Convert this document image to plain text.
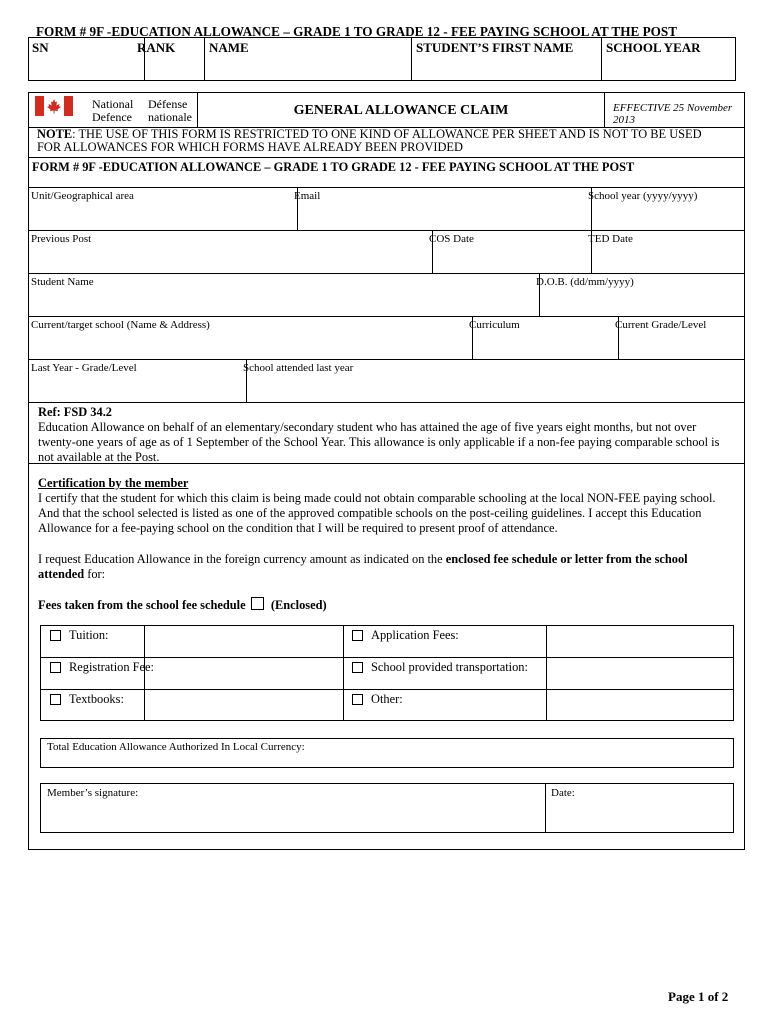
FORM # 9F -EDUCATION ALLOWANCE – GRADE 1 TO GRADE 12 - FEE PAYING SCHOOL AT THE POST
SN	RANK	NAME	STUDENT’S FIRST NAME	SCHOOL YEAR
National
Defence
Défense
nationale	GENERAL ALLOWANCE CLAIM	EFFECTIVE 25 November 2013
NOTE: THE USE OF THIS FORM IS RESTRICTED TO ONE KIND OF ALLOWANCE PER SHEET AND IS NOT TO BE USED
FOR ALLOWANCES FOR WHICH FORMS HAVE ALREADY BEEN PROVIDED
FORM # 9F -EDUCATION ALLOWANCE – GRADE 1 TO GRADE 12 - FEE PAYING SCHOOL AT THE POST
Unit/Geographical area	Email	School year (yyyy/yyyy)
Previous Post	COS Date	TED Date
Student Name	D.O.B. (dd/mm/yyyy)
Current/target school (Name & Address)	Curriculum	Current Grade/Level
Last Year - Grade/Level	School attended last year
Ref: FSD 34.2
Education Allowance on behalf of an elementary/secondary student who has attained the age of five years eight months, but not over
twenty-one years of age as of 1 September of the School Year. This allowance is only applicable if a non-fee paying comparable school is
not available at the Post.
Certification by the member
I certify that the student for which this claim is being made could not obtain comparable schooling at the local NON-FEE paying school.
And that the school selected is listed as one of the approved compatible schools on the post-ceiling guidelines. I accept this Education
Allowance for a fee-paying school on the condition that I will be required to present proof of attendance.
I request Education Allowance in the foreign currency amount as indicated on the enclosed fee schedule or letter from the school
attended for:
Fees taken from the school fee schedule (Enclosed)
Tuition:	Application Fees:
Registration Fee:	School provided transportation:
Textbooks:	Other:
Total Education Allowance Authorized In Local Currency:
Member’s signature:	Date:
Page 1 of 2
